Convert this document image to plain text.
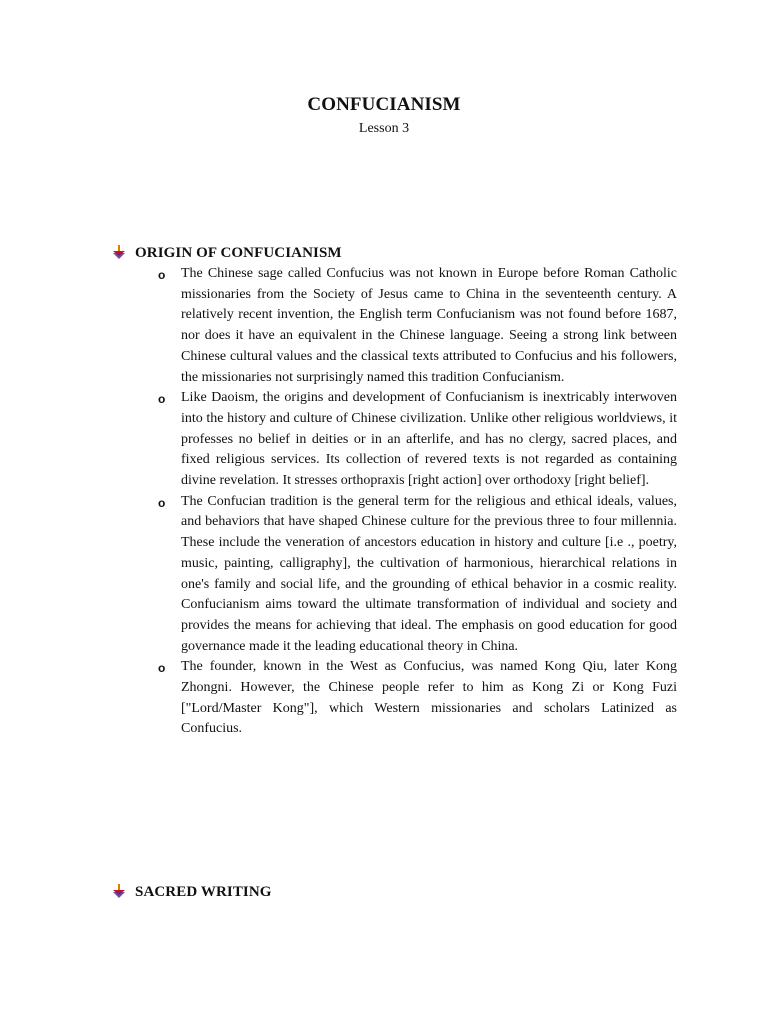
CONFUCIANISM
Lesson 3
ORIGIN OF CONFUCIANISM
o The Chinese sage called Confucius was not known in Europe before Roman Catholic missionaries from the Society of Jesus came to China in the seventeenth century. A relatively recent invention, the English term Confucianism was not found before 1687, nor does it have an equivalent in the Chinese language. Seeing a strong link between Chinese cultural values and the classical texts attributed to Confucius and his followers, the missionaries not surprisingly named this tradition Confucianism.
o Like Daoism, the origins and development of Confucianism is inextricably interwoven into the history and culture of Chinese civilization. Unlike other religious worldviews, it professes no belief in deities or in an afterlife, and has no clergy, sacred places, and fixed religious services. Its collection of revered texts is not regarded as containing divine revelation. It stresses orthopraxis [right action] over orthodoxy [right belief].
o The Confucian tradition is the general term for the religious and ethical ideals, values, and behaviors that have shaped Chinese culture for the previous three to four millennia. These include the veneration of ancestors education in history and culture [i.e ., poetry, music, painting, calligraphy], the cultivation of harmonious, hierarchical relations in one's family and social life, and the grounding of ethical behavior in a cosmic reality. Confucianism aims toward the ultimate transformation of individual and society and provides the means for achieving that ideal. The emphasis on good education for good governance made it the leading educational theory in China.
o The founder, known in the West as Confucius, was named Kong Qiu, later Kong Zhongni. However, the Chinese people refer to him as Kong Zi or Kong Fuzi ["Lord/Master Kong"], which Western missionaries and scholars Latinized as Confucius.
SACRED WRITING
